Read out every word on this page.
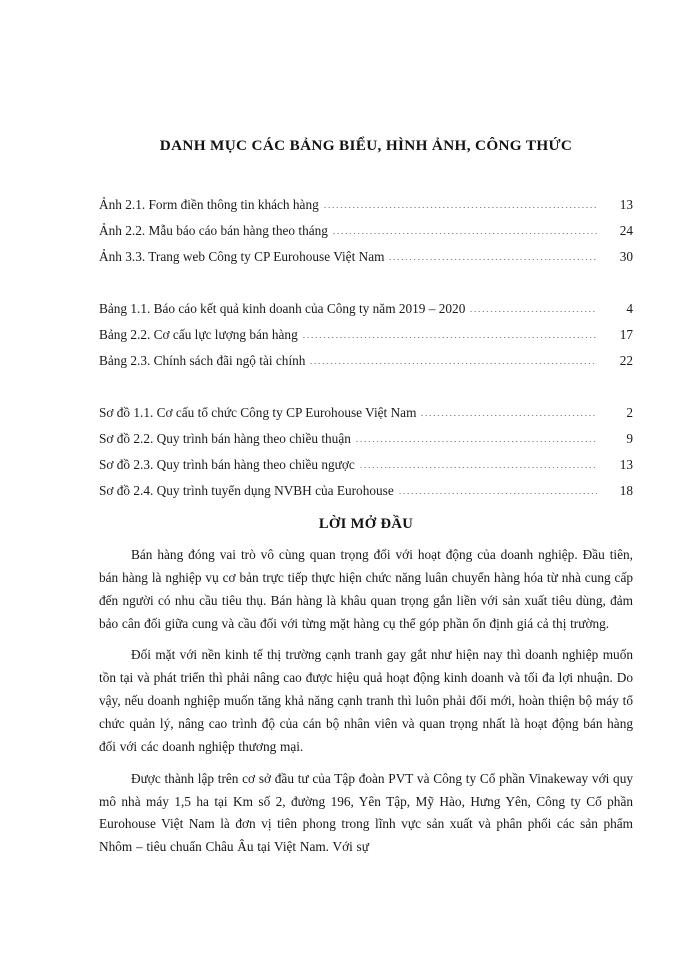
DANH MỤC CÁC BẢNG BIỂU, HÌNH ẢNH, CÔNG THỨC
Ảnh 2.1. Form điền thông tin khách hàng	13
Ảnh 2.2. Mẫu báo cáo bán hàng theo tháng	24
Ảnh 3.3. Trang web Công ty CP Eurohouse Việt Nam	30
Bảng 1.1. Báo cáo kết quả kinh doanh của Công ty năm 2019 – 2020	4
Bảng 2.2. Cơ cấu lực lượng bán hàng	17
Bảng 2.3. Chính sách đãi ngộ tài chính	22
Sơ đồ 1.1. Cơ cấu tổ chức Công ty CP Eurohouse Việt Nam	2
Sơ đồ 2.2. Quy trình bán hàng theo chiều thuận	9
Sơ đồ 2.3. Quy trình bán hàng theo chiều ngược	13
Sơ đồ 2.4. Quy trình tuyển dụng NVBH của Eurohouse	18
LỜI MỞ ĐẦU

Bán hàng đóng vai trò vô cùng quan trọng đối với hoạt động của doanh nghiệp. Đầu tiên, bán hàng là nghiệp vụ cơ bản trực tiếp thực hiện chức năng luân chuyển hàng hóa từ nhà cung cấp đến người có nhu cầu tiêu thụ. Bán hàng là khâu quan trọng gắn liền với sản xuất tiêu dùng, đảm bảo cân đối giữa cung và cầu đối với từng mặt hàng cụ thể góp phần ổn định giá cả thị trường.

Đối mặt với nền kinh tế thị trường cạnh tranh gay gắt như hiện nay thì doanh nghiệp muốn tồn tại và phát triển thì phải nâng cao được hiệu quả hoạt động kinh doanh và tối đa lợi nhuận. Do vậy, nếu doanh nghiệp muốn tăng khả năng cạnh tranh thì luôn phải đổi mới, hoàn thiện bộ máy tổ chức quản lý, nâng cao trình độ của cán bộ nhân viên và quan trọng nhất là hoạt động bán hàng đối với các doanh nghiệp thương mại.

Được thành lập trên cơ sở đầu tư của Tập đoàn PVT và Công ty Cổ phần Vinakeway với quy mô nhà máy 1,5 ha tại Km số 2, đường 196, Yên Tập, Mỹ Hào, Hưng Yên, Công ty Cổ phần Eurohouse Việt Nam là đơn vị tiên phong trong lĩnh vực sản xuất và phân phối các sản phẩm Nhôm – tiêu chuẩn Châu Âu tại Việt Nam. Với sự
